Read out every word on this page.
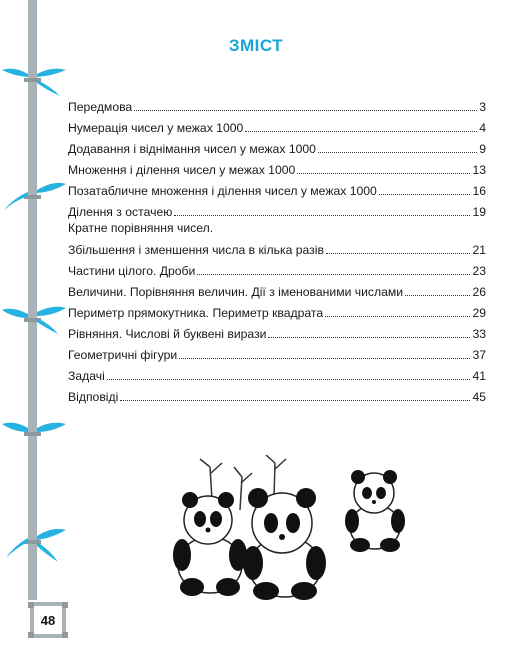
ЗМІСТ
Передмова	3
Нумерація чисел у межах 1000	4
Додавання і віднімання чисел у межах 1000	9
Множення і ділення чисел у межах 1000	13
Позатабличне множення і ділення чисел у межах 1000	16
Ділення з остачею	19
Кратне порівняння чисел.
Збільшення і зменшення числа в кілька разів	21
Частини цілого. Дроби	23
Величини. Порівняння величин. Дії з іменованими числами	26
Периметр прямокутника. Периметр квадрата	29
Рівняння. Числові й буквені вирази	33
Геометричні фігури	37
Задачі	41
Відповіді	45
48
